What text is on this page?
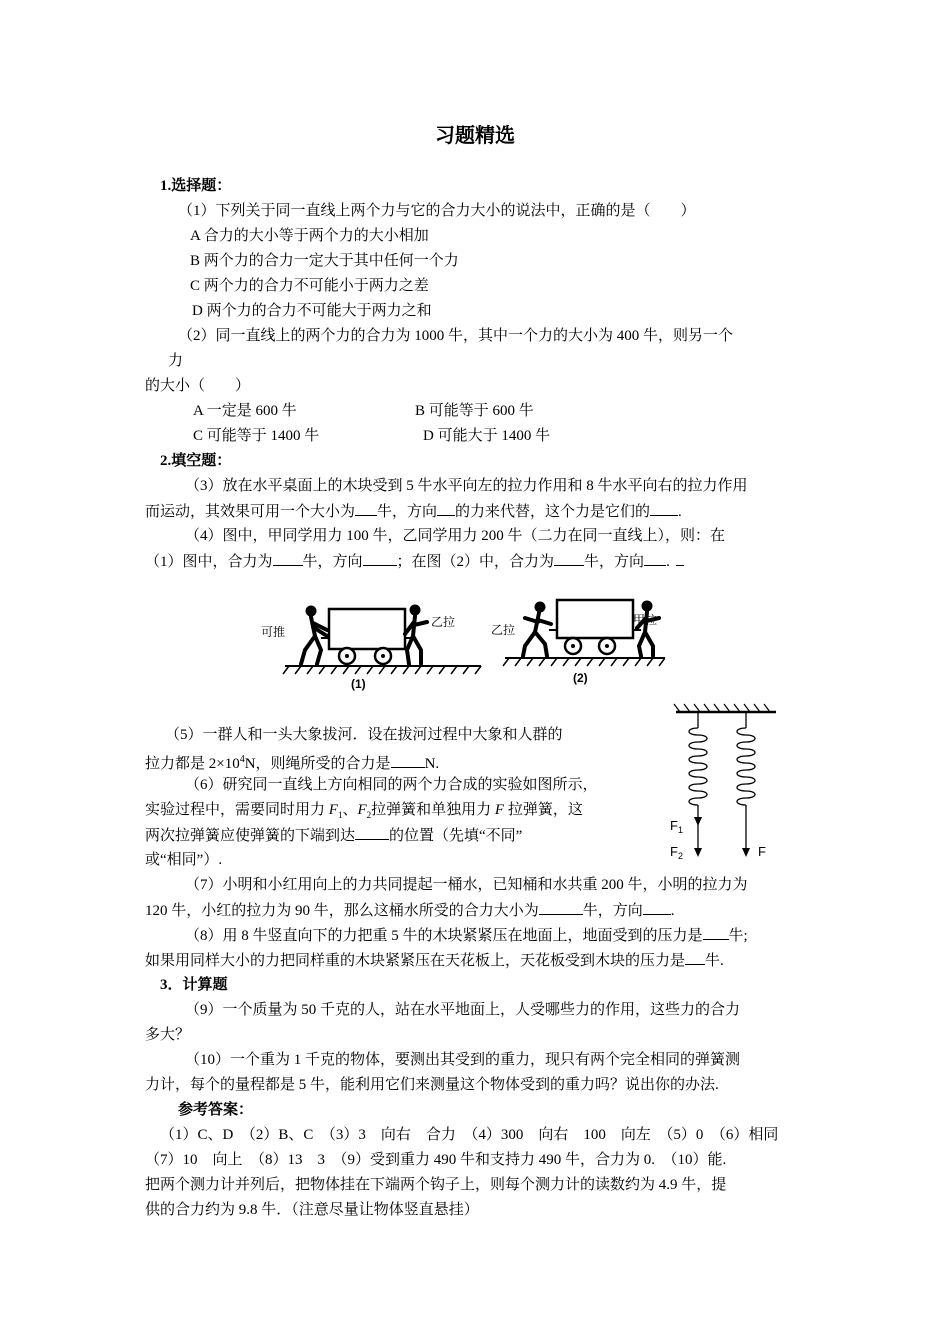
习题精选
1.选择题：
（1）下列关于同一直线上两个力与它的合力大小的说法中，正确的是（　　）
A 合力的大小等于两个力的大小相加
B 两个力的合力一定大于其中任何一个力
C 两个力的合力不可能小于两力之差
D 两个力的合力不可能大于两力之和
（2）同一直线上的两个力的合力为 1000 牛，其中一个力的大小为 400 牛，则另一个
力
的大小（　　）
A 一定是 600 牛	B 可能等于 600 牛
C 可能等于 1400 牛	D 可能大于 1400 牛
2.填空题：
（3）放在水平桌面上的木块受到 5 牛水平向左的拉力作用和 8 牛水平向右的拉力作用
而运动，其效果可用一个大小为 牛，方向 的力来代替，这个力是它们的 .
（4）图中，甲同学用力 100 牛，乙同学用力 200 牛（二力在同一直线上），则：在
（1）图中，合力为 牛，方向 ；在图（2）中，合力为 牛，方向 .
可推
乙拉
(1)
乙拉
甲拉
(2)
（5）一群人和一头大象拔河．设在拔河过程中大象和人群的
拉力都是 $2\times 10^4N$，则绳所受的合力是 N.
（6）研究同一直线上方向相同的两个力合成的实验如图所示，
实验过程中，需要同时用力 $F_1$、$F_2$拉弹簧和单独用力 F 拉弹簧，这
两次拉弹簧应使弹簧的下端到达 的位置（先填“不同”
或“相同”）.
$F_1$
$F_2$	F
（7）小明和小红用向上的力共同提起一桶水，已知桶和水共重 200 牛，小明的拉力为
120 牛，小红的拉力为 90 牛，那么这桶水所受的合力大小为	牛，方向 .
（8）用 8 牛竖直向下的力把重 5 牛的木块紧紧压在地面上，地面受到的压力是 牛;
如果用同样大小的力把同样重的木块紧紧压在天花板上，天花板受到木块的压力是 牛.
3．计算题
（9）一个质量为 50 千克的人，站在水平地面上，人受哪些力的作用，这些力的合力
多大？
（10）一个重为 1 千克的物体，要测出其受到的重力，现只有两个完全相同的弹簧测
力计，每个的量程都是 5 牛，能利用它们来测量这个物体受到的重力吗？说出你的办法.
参考答案：
（1）C、D　（2）B、C　（3）3　向右　合力　（4）300　向右　100　向左　（5）0　（6）相同
（7）10　向上　（8）13　3　（9）受到重力 490 牛和支持力 490 牛，合力为 0.　（10）能.
把两个测力计并列后，把物体挂在下端两个钩子上，则每个测力计的读数约为 4.9 牛，提
供的合力约为 9.8 牛．（注意尽量让物体竖直悬挂）
